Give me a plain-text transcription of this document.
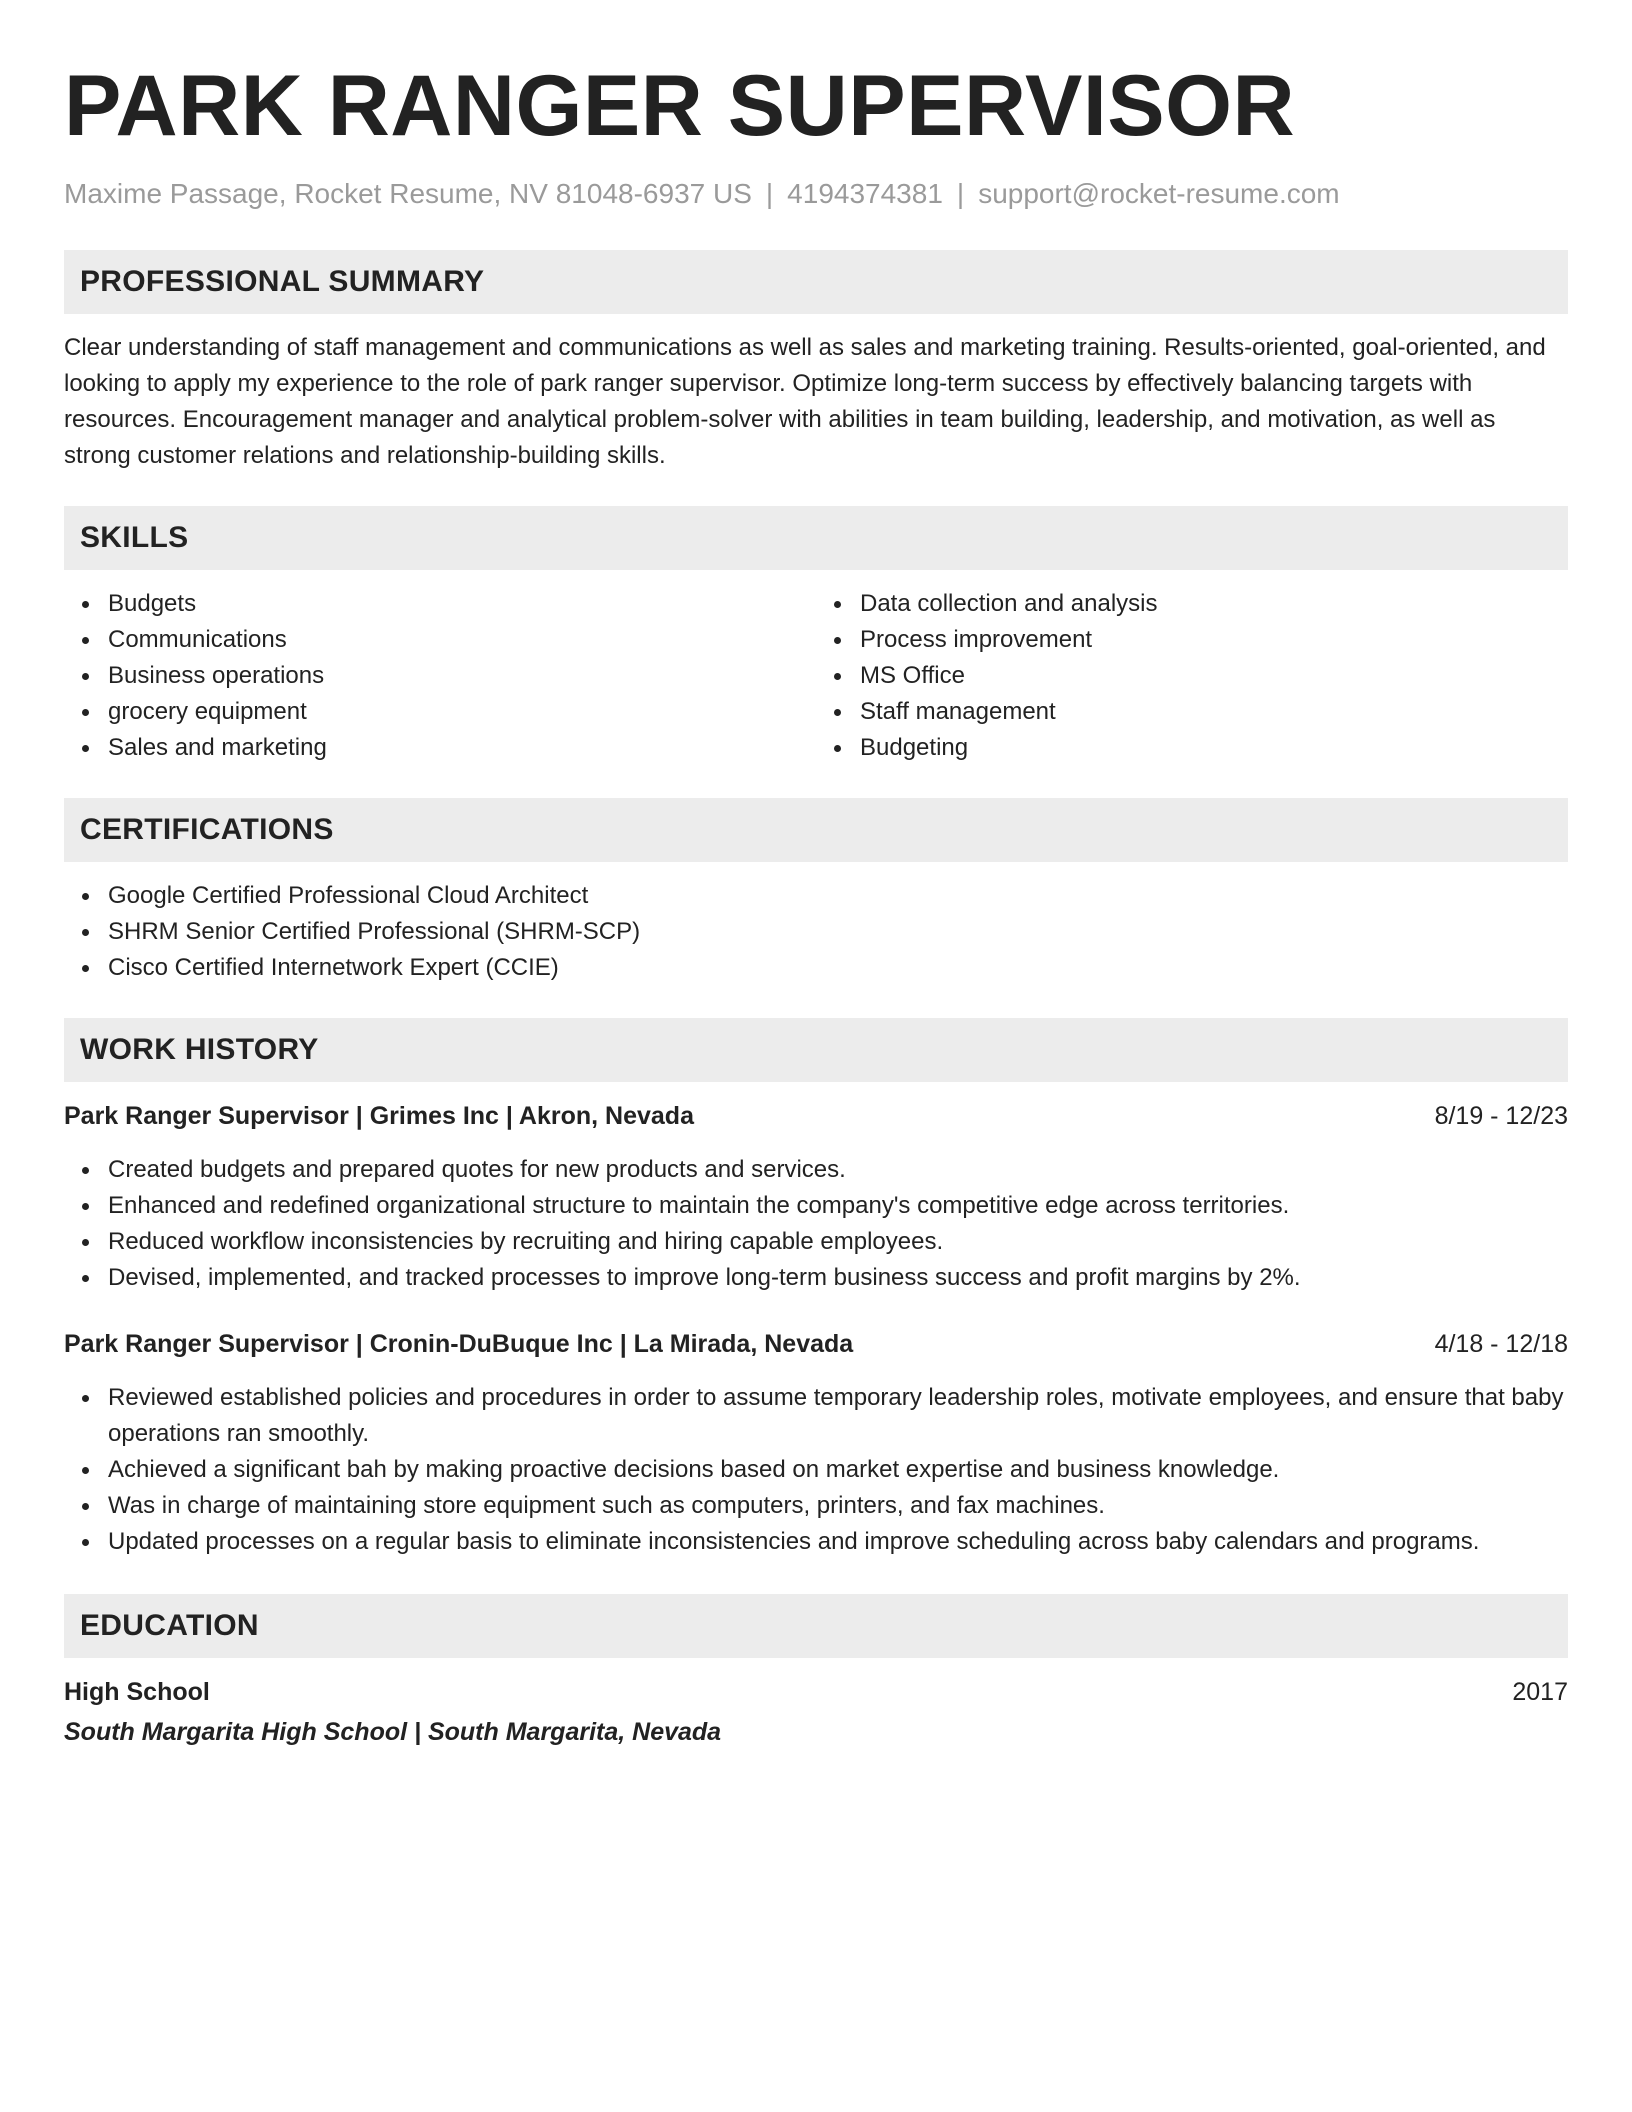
PARK RANGER SUPERVISOR
Maxime Passage, Rocket Resume, NV 81048-6937 US | 4194374381 | support@rocket-resume.com
PROFESSIONAL SUMMARY

Clear understanding of staff management and communications as well as sales and marketing training. Results-oriented, goal-oriented, and looking to apply my experience to the role of park ranger supervisor. Optimize long-term success by effectively balancing targets with resources. Encouragement manager and analytical problem-solver with abilities in team building, leadership, and motivation, as well as strong customer relations and relationship-building skills.

SKILLS
Budgets
Communications
Business operations
grocery equipment
Sales and marketing
Data collection and analysis
Process improvement
MS Office
Staff management
Budgeting
CERTIFICATIONS
Google Certified Professional Cloud Architect
SHRM Senior Certified Professional (SHRM-SCP)
Cisco Certified Internetwork Expert (CCIE)
WORK HISTORY
Park Ranger Supervisor | Grimes Inc | Akron, Nevada	8/19 - 12/23
Created budgets and prepared quotes for new products and services.
Enhanced and redefined organizational structure to maintain the company's competitive edge across territories.
Reduced workflow inconsistencies by recruiting and hiring capable employees.
Devised, implemented, and tracked processes to improve long-term business success and profit margins by 2%.
Park Ranger Supervisor | Cronin-DuBuque Inc | La Mirada, Nevada	4/18 - 12/18
Reviewed established policies and procedures in order to assume temporary leadership roles, motivate employees, and ensure that baby operations ran smoothly.
Achieved a significant bah by making proactive decisions based on market expertise and business knowledge.
Was in charge of maintaining store equipment such as computers, printers, and fax machines.
Updated processes on a regular basis to eliminate inconsistencies and improve scheduling across baby calendars and programs.
EDUCATION
High School	2017
South Margarita High School | South Margarita, Nevada
